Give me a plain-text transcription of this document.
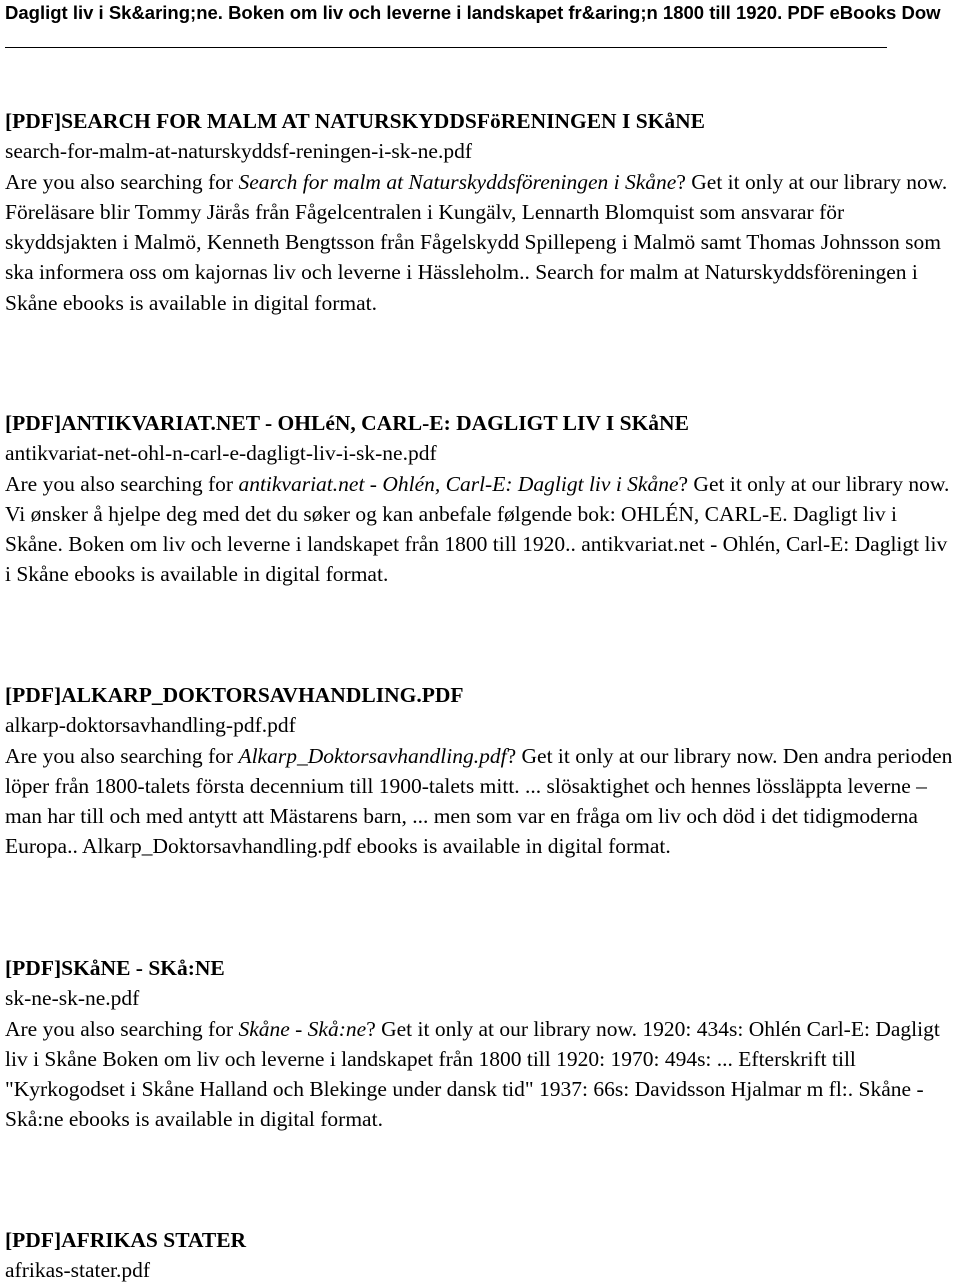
Dagligt liv i Sk&aring;ne. Boken om liv och leverne i landskapet fr&aring;n 1800 till 1920. PDF eBooks Dow

[PDF]SEARCH FOR MALM AT NATURSKYDDSFöRENINGEN I SKåNE

search-for-malm-at-naturskyddsf-reningen-i-sk-ne.pdf

Are you also searching for Search for malm at Naturskyddsföreningen i Skåne? Get it only at our library now. Föreläsare blir Tommy Järås från Fågelcentralen i Kungälv, Lennarth Blomquist som ansvarar för skyddsjakten i Malmö, Kenneth Bengtsson från Fågelskydd Spillepeng i Malmö samt Thomas Johnsson som ska informera oss om kajornas liv och leverne i Hässleholm.. Search for malm at Naturskyddsföreningen i Skåne ebooks is available in digital format.

[PDF]ANTIKVARIAT.NET - OHLéN, CARL-E: DAGLIGT LIV I SKåNE

antikvariat-net-ohl-n-carl-e-dagligt-liv-i-sk-ne.pdf

Are you also searching for antikvariat.net - Ohlén, Carl-E: Dagligt liv i Skåne? Get it only at our library now. Vi ønsker å hjelpe deg med det du søker og kan anbefale følgende bok: OHLÉN, CARL-E. Dagligt liv i Skåne. Boken om liv och leverne i landskapet från 1800 till 1920.. antikvariat.net - Ohlén, Carl-E: Dagligt liv i Skåne ebooks is available in digital format.

[PDF]ALKARP_DOKTORSAVHANDLING.PDF

alkarp-doktorsavhandling-pdf.pdf

Are you also searching for Alkarp_Doktorsavhandling.pdf? Get it only at our library now. Den andra perioden löper från 1800-talets första decennium till 1900-talets mitt. ... slösaktighet och hennes lössläppta leverne – man har till och med antytt att Mästarens barn, ... men som var en fråga om liv och död i det tidigmoderna Europa.. Alkarp_Doktorsavhandling.pdf ebooks is available in digital format.

[PDF]SKåNE - SKå:NE

sk-ne-sk-ne.pdf

Are you also searching for Skåne - Skå:ne? Get it only at our library now. 1920: 434s: Ohlén Carl-E: Dagligt liv i Skåne Boken om liv och leverne i landskapet från 1800 till 1920: 1970: 494s: ... Efterskrift till "Kyrkogodset i Skåne Halland och Blekinge under dansk tid" 1937: 66s: Davidsson Hjalmar m fl:. Skåne - Skå:ne ebooks is available in digital format.

[PDF]AFRIKAS STATER

afrikas-stater.pdf
